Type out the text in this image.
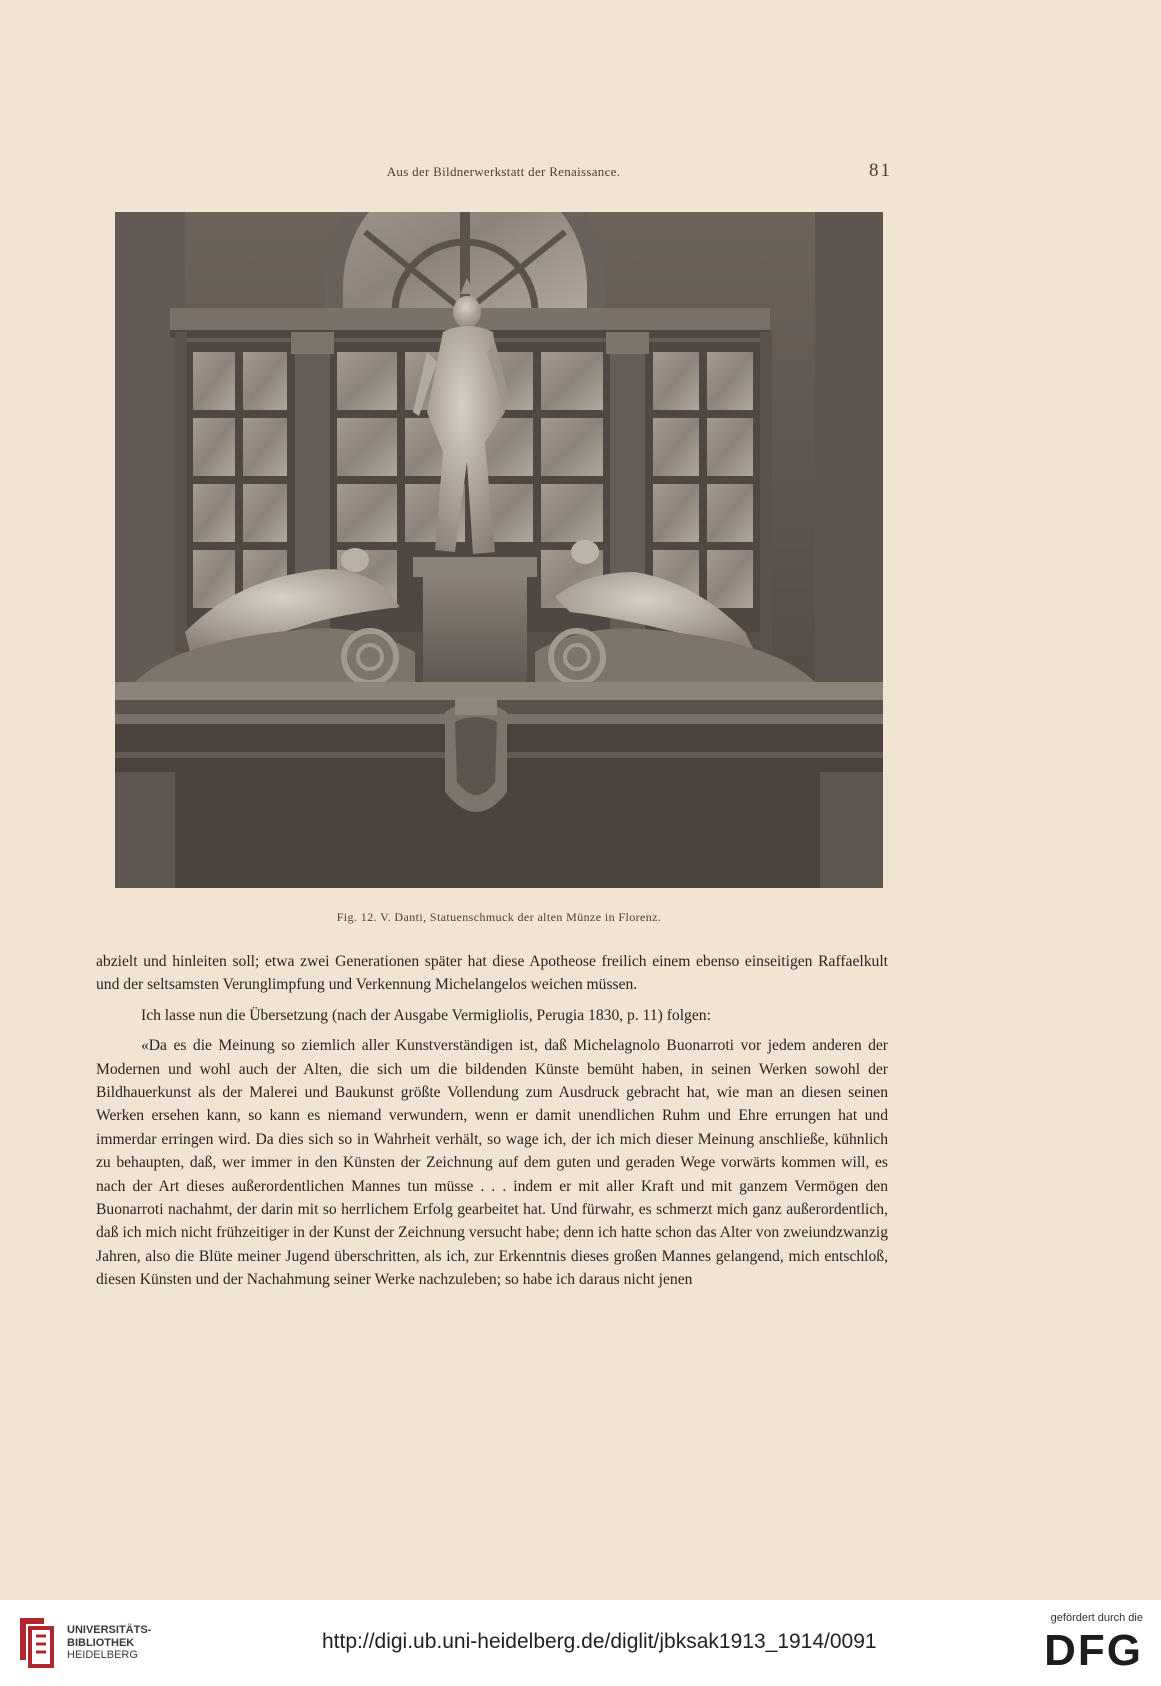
Aus der Bildnerwerkstatt der Renaissance.	81
Fig. 12. V. Danti, Statuenschmuck der alten Münze in Florenz.

abzielt und hinleiten soll; etwa zwei Generationen später hat diese Apotheose freilich einem ebenso einseitigen Raffaelkult und der seltsamsten Verunglimpfung und Verkennung Michelangelos weichen müssen.

Ich lasse nun die Übersetzung (nach der Ausgabe Vermigliolis, Perugia 1830, p. 11) folgen:

«Da es die Meinung so ziemlich aller Kunstverständigen ist, daß Michelagnolo Buonarroti vor jedem anderen der Modernen und wohl auch der Alten, die sich um die bildenden Künste bemüht haben, in seinen Werken sowohl der Bildhauerkunst als der Malerei und Baukunst größte Vollendung zum Ausdruck gebracht hat, wie man an diesen seinen Werken ersehen kann, so kann es niemand verwundern, wenn er damit unendlichen Ruhm und Ehre errungen hat und immerdar erringen wird. Da dies sich so in Wahrheit verhält, so wage ich, der ich mich dieser Meinung anschließe, kühnlich zu behaupten, daß, wer immer in den Künsten der Zeichnung auf dem guten und geraden Wege vorwärts kommen will, es nach der Art dieses außerordentlichen Mannes tun müsse . . . indem er mit aller Kraft und mit ganzem Vermögen den Buonarroti nachahmt, der darin mit so herrlichem Erfolg gearbeitet hat. Und fürwahr, es schmerzt mich ganz außerordentlich, daß ich mich nicht frühzeitiger in der Kunst der Zeichnung versucht habe; denn ich hatte schon das Alter von zweiundzwanzig Jahren, also die Blüte meiner Jugend überschritten, als ich, zur Erkenntnis dieses großen Mannes gelangend, mich entschloß, diesen Künsten und der Nachahmung seiner Werke nachzuleben; so habe ich daraus nicht jenen

UNIVERSITÄTS-
BIBLIOTHEK
HEIDELBERG
http://digi.ub.uni-heidelberg.de/diglit/jbksak1913_1914/0091
gefördert durch die
DFG
